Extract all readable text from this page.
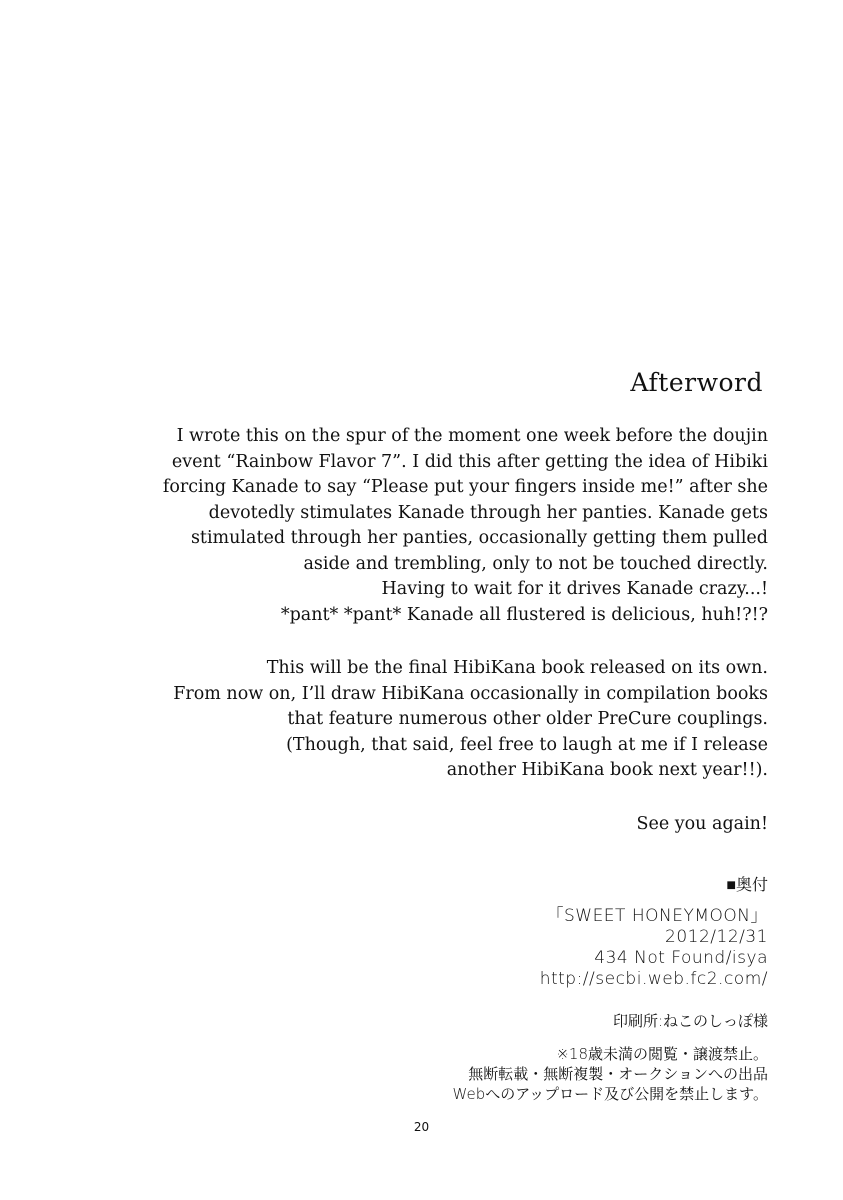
Afterword

I wrote this on the spur of the moment one week before the doujin

event “Rainbow Flavor 7”. I did this after getting the idea of Hibiki

forcing Kanade to say “Please put your fingers inside me!” after she

devotedly stimulates Kanade through her panties. Kanade gets

stimulated through her panties, occasionally getting them pulled

aside and trembling, only to not be touched directly.

Having to wait for it drives Kanade crazy...!

*pant* *pant* Kanade all flustered is delicious, huh!?!?

This will be the final HibiKana book released on its own.

From now on, I’ll draw HibiKana occasionally in compilation books

that feature numerous other older PreCure couplings.

(Though, that said, feel free to laugh at me if I release

another HibiKana book next year!!).

See you again!

■奥付

「SWEET HONEYMOON」

2012/12/31

434 Not Found/isya

http://secbi.web.fc2.com/

印刷所:ねこのしっぽ様

※18歳未満の閲覧・譲渡禁止。

無断転載・無断複製・オークションへの出品

Webへのアップロード及び公開を禁止します。

20
